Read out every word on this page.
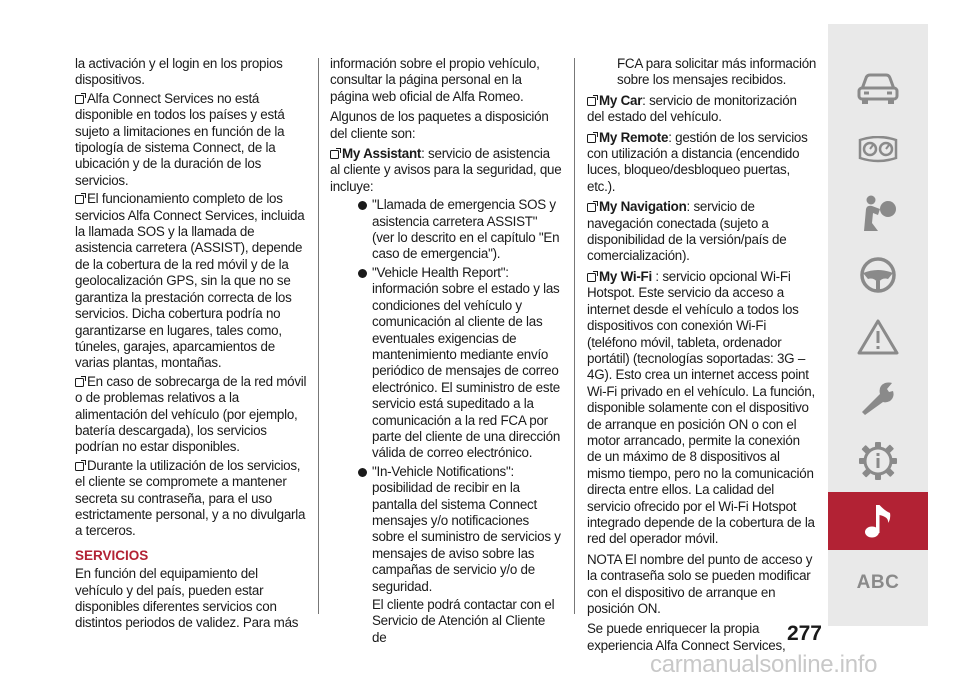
la activación y el login en los propios dispositivos.

Alfa Connect Services no está disponible en todos los países y está sujeto a limitaciones en función de la tipología de sistema Connect, de la ubicación y de la duración de los servicios.

El funcionamiento completo de los servicios Alfa Connect Services, incluida la llamada SOS y la llamada de asistencia carretera (ASSIST), depende de la cobertura de la red móvil y de la geolocalización GPS, sin la que no se garantiza la prestación correcta de los servicios. Dicha cobertura podría no garantizarse en lugares, tales como, túneles, garajes, aparcamientos de varias plantas, montañas.

En caso de sobrecarga de la red móvil o de problemas relativos a la alimentación del vehículo (por ejemplo, batería descargada), los servicios podrían no estar disponibles.

Durante la utilización de los servicios, el cliente se compromete a mantener secreta su contraseña, para el uso estrictamente personal, y a no divulgarla a terceros.

SERVICIOS

En función del equipamiento del vehículo y del país, pueden estar disponibles diferentes servicios con distintos periodos de validez. Para más

información sobre el propio vehículo, consultar la página personal en la página web oficial de Alfa Romeo.

Algunos de los paquetes a disposición del cliente son:

My Assistant: servicio de asistencia al cliente y avisos para la seguridad, que incluye:

"Llamada de emergencia SOS y asistencia carretera ASSIST" (ver lo descrito en el capítulo "En caso de emergencia").

"Vehicle Health Report": información sobre el estado y las condiciones del vehículo y comunicación al cliente de las eventuales exigencias de mantenimiento mediante envío periódico de mensajes de correo electrónico. El suministro de este servicio está supeditado a la comunicación a la red FCA por parte del cliente de una dirección válida de correo electrónico.

"In-Vehicle Notifications": posibilidad de recibir en la pantalla del sistema Connect mensajes y/o notificaciones sobre el suministro de servicios y mensajes de aviso sobre las campañas de servicio y/o de seguridad.

El cliente podrá contactar con el Servicio de Atención al Cliente de

FCA para solicitar más información sobre los mensajes recibidos.

My Car: servicio de monitorización del estado del vehículo.

My Remote: gestión de los servicios con utilización a distancia (encendido luces, bloqueo/desbloqueo puertas, etc.).

My Navigation: servicio de navegación conectada (sujeto a disponibilidad de la versión/país de comercialización).

My Wi-Fi : servicio opcional Wi-Fi Hotspot. Este servicio da acceso a internet desde el vehículo a todos los dispositivos con conexión Wi-Fi (teléfono móvil, tableta, ordenador portátil) (tecnologías soportadas: 3G – 4G). Esto crea un internet access point Wi-Fi privado en el vehículo. La función, disponible solamente con el dispositivo de arranque en posición ON o con el motor arrancado, permite la conexión de un máximo de 8 dispositivos al mismo tiempo, pero no la comunicación directa entre ellos. La calidad del servicio ofrecido por el Wi-Fi Hotspot integrado depende de la cobertura de la red del operador móvil.

NOTA El nombre del punto de acceso y la contraseña solo se pueden modificar con el dispositivo de arranque en posición ON.

Se puede enriquecer la propia experiencia Alfa Connect Services,

ABC
277
carmanualsonline.info
